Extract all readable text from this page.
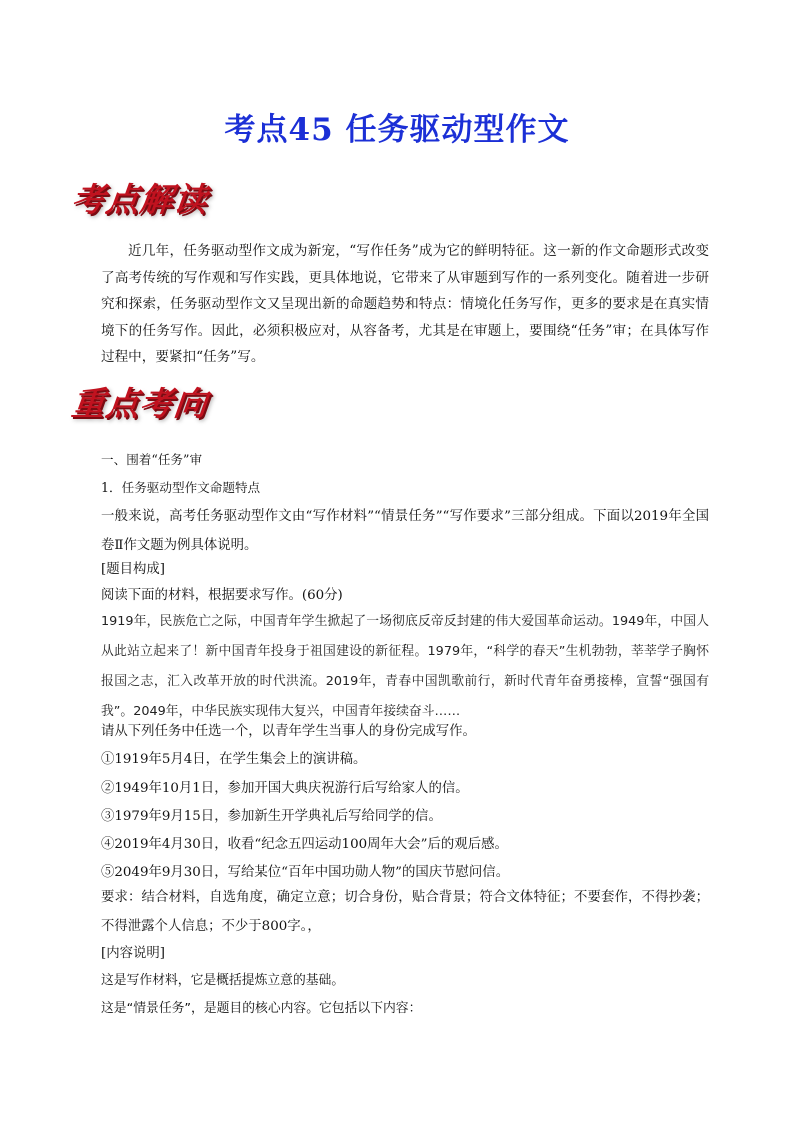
考点45 任务驱动型作文
考点解读

近几年，任务驱动型作文成为新宠，“写作任务”成为它的鲜明特征。这一新的作文命题形式改变了高考传统的写作观和写作实践，更具体地说，它带来了从审题到写作的一系列变化。随着进一步研究和探索，任务驱动型作文又呈现出新的命题趋势和特点：情境化任务写作，更多的要求是在真实情境下的任务写作。因此，必须积极应对，从容备考，尤其是在审题上，要围绕“任务”审；在具体写作过程中，要紧扣“任务”写。

重点考向

一、围着“任务”审

1．任务驱动型作文命题特点

一般来说，高考任务驱动型作文由“写作材料”“情景任务”“写作要求”三部分组成。下面以2019年全国卷Ⅱ作文题为例具体说明。

[题目构成]

阅读下面的材料，根据要求写作。(60分)

1919年，民族危亡之际，中国青年学生掀起了一场彻底反帝反封建的伟大爱国革命运动。1949年，中国人从此站立起来了！新中国青年投身于祖国建设的新征程。1979年，“科学的春天”生机勃勃，莘莘学子胸怀报国之志，汇入改革开放的时代洪流。2019年，青春中国凯歌前行，新时代青年奋勇接棒，宣誓“强国有我”。2049年，中华民族实现伟大复兴，中国青年接续奋斗……

请从下列任务中任选一个，以青年学生当事人的身份完成写作。

①1919年5月4日，在学生集会上的演讲稿。

②1949年10月1日，参加开国大典庆祝游行后写给家人的信。

③1979年9月15日，参加新生开学典礼后写给同学的信。

④2019年4月30日，收看“纪念五四运动100周年大会”后的观后感。

⑤2049年9月30日，写给某位“百年中国功勋人物”的国庆节慰问信。

要求：结合材料，自选角度，确定立意；切合身份，贴合背景；符合文体特征；不要套作，不得抄袭；不得泄露个人信息；不少于800字。，

[内容说明]

这是写作材料，它是概括提炼立意的基础。

这是“情景任务”，是题目的核心内容。它包括以下内容：
